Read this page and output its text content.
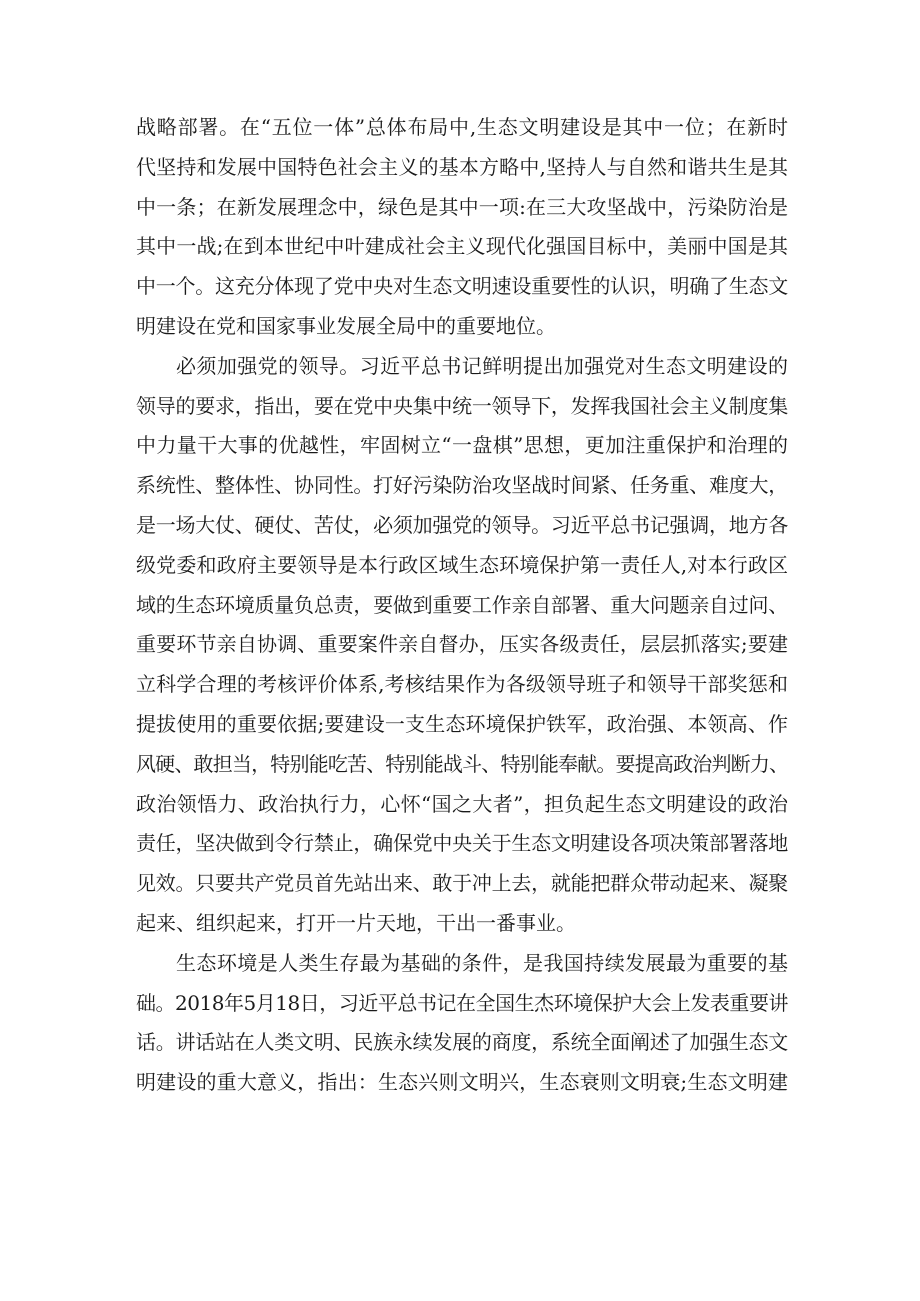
战略部署。在“五位一体”总体布局中,生态文明建设是其中一位；在新时
代坚持和发展中国特色社会主义的基本方略中,坚持人与自然和谐共生是其
中一条；在新发展理念中，绿色是其中一项:在三大攻坚战中，污染防治是
其中一战;在到本世纪中叶建成社会主义现代化强国目标中，美丽中国是其
中一个。这充分体现了党中央对生态文明速设重要性的认识，明确了生态文
明建设在党和国家事业发展全局中的重要地位。
必须加强党的领导。习近平总书记鲜明提出加强党对生态文明建设的
领导的要求，指出，要在党中央集中统一领导下，发挥我国社会主义制度集
中力量干大事的优越性，牢固树立“一盘棋”思想，更加注重保护和治理的
系统性、整体性、协同性。打好污染防治攻坚战时间紧、任务重、难度大，
是一场大仗、硬仗、苦仗，必须加强党的领导。习近平总书记强调，地方各
级党委和政府主要领导是本行政区域生态环境保护第一责任人,对本行政区
域的生态环境质量负总责，要做到重要工作亲自部署、重大问题亲自过问、
重要环节亲自协调、重要案件亲自督办，压实各级责任，层层抓落实;要建
立科学合理的考核评价体系,考核结果作为各级领导班子和领导干部奖惩和
提拔使用的重要依据;要建设一支生态环境保护铁军，政治强、本领高、作
风硬、敢担当，特别能吃苦、特别能战斗、特别能奉献。要提高政治判断力、
政治领悟力、政治执行力，心怀“国之大者”，担负起生态文明建设的政治
责任，坚决做到令行禁止，确保党中央关于生态文明建设各项决策部署落地
见效。只要共产党员首先站出来、敢于冲上去，就能把群众带动起来、凝聚
起来、组织起来，打开一片天地，干出一番事业。
生态环境是人类生存最为基础的条件，是我国持续发展最为重要的基
础。2018年5月18日，习近平总书记在全国生杰环境保护大会上发表重要讲
话。讲话站在人类文明、民族永续发展的商度，系统全面阐述了加强生态文
明建设的重大意义，指出：生态兴则文明兴，生态衰则文明衰;生态文明建
